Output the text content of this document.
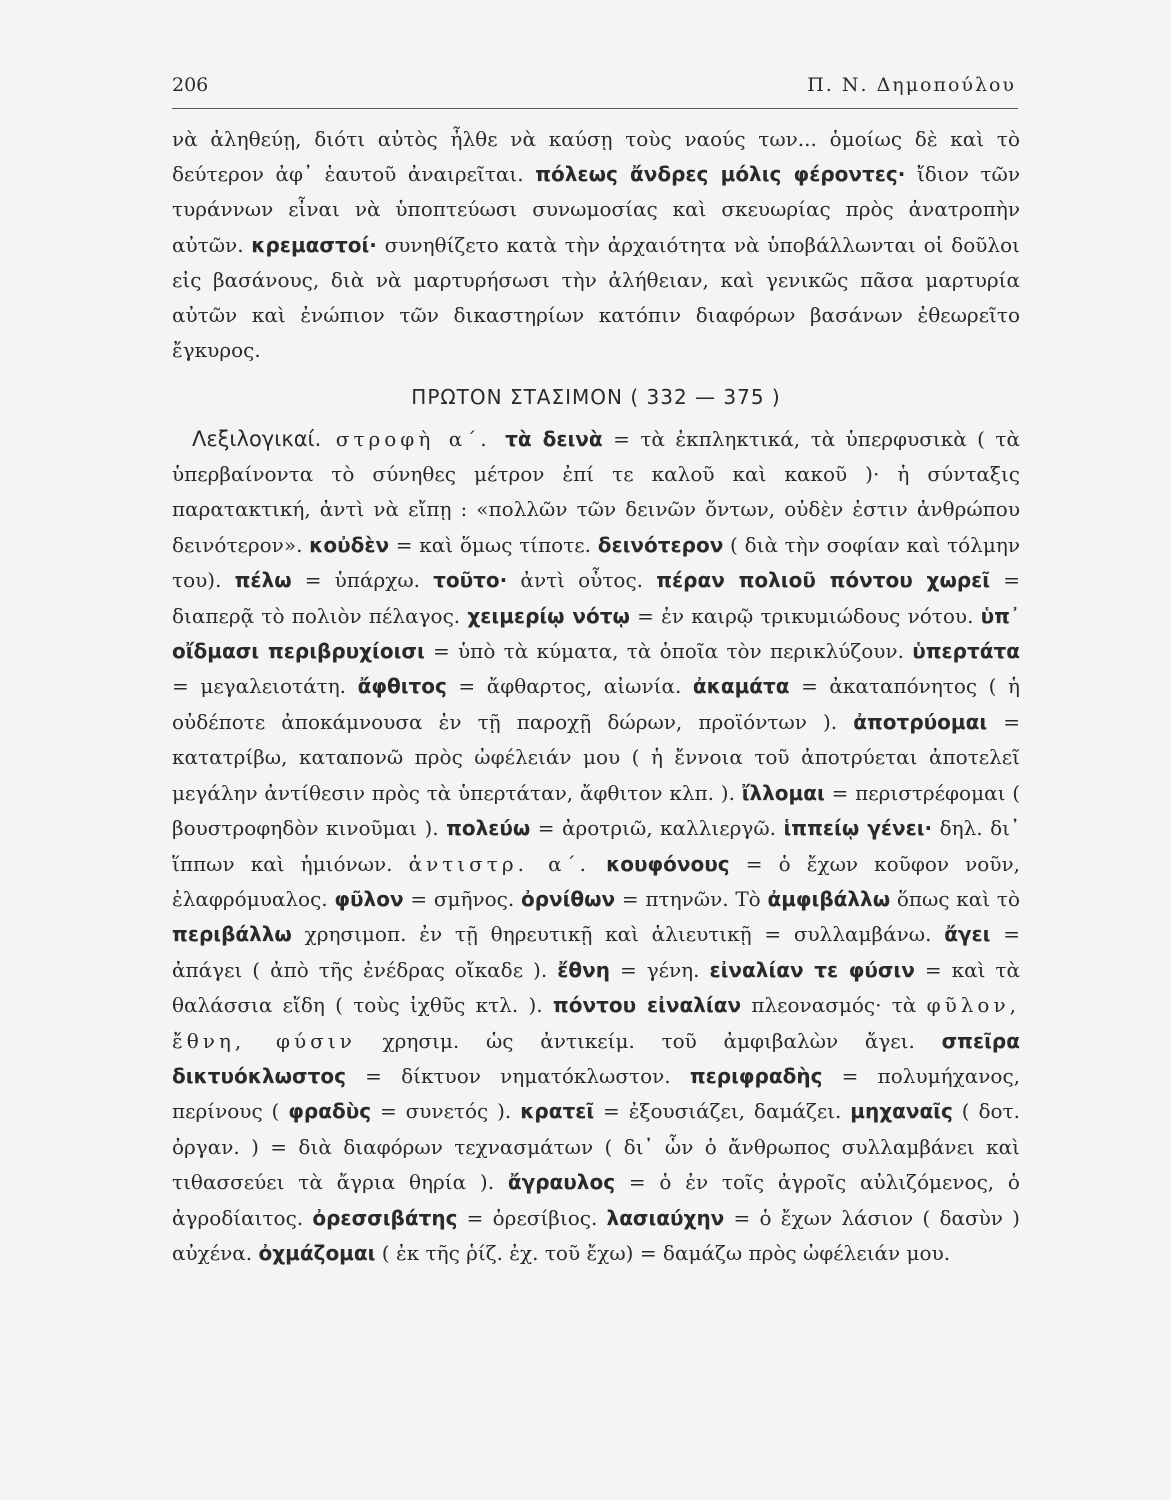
206	Π. Ν. Δημοπούλου

νὰ ἀληθεύῃ, διότι αὐτὸς ἦλθε νὰ καύσῃ τοὺς ναούς των... ὁμοίως δὲ καὶ τὸ δεύτερον ἀφ᾿ ἑαυτοῦ ἀναιρεῖται. πόλεως ἄνδρες μόλις φέροντες· ἴδιον τῶν τυράννων εἶναι νὰ ὑποπτεύωσι συνωμοσίας καὶ σκευωρίας πρὸς ἀνατροπὴν αὐτῶν. κρεμαστοί· συνηθίζετο κατὰ τὴν ἀρχαιότητα νὰ ὑποβάλλωνται οἱ δοῦλοι εἰς βασάνους, διὰ νὰ μαρτυρήσωσι τὴν ἀλήθειαν, καὶ γενικῶς πᾶσα μαρτυρία αὐτῶν καὶ ἐνώπιον τῶν δικαστηρίων κατόπιν διαφόρων βασάνων ἐθεωρεῖτο ἔγκυρος.

ΠΡΩΤΟΝ ΣΤΑΣΙΜΟΝ ( 332 — 375 )

Λεξιλογικαί. στροφὴ α΄. τὰ δεινὰ = τὰ ἐκπληκτικά, τὰ ὑπερφυσικὰ ( τὰ ὑπερβαίνοντα τὸ σύνηθες μέτρον ἐπί τε καλοῦ καὶ κακοῦ )· ἡ σύνταξις παρατακτική, ἀντὶ νὰ εἴπῃ : «πολλῶν τῶν δεινῶν ὄντων, οὐδὲν ἐστιν ἀνθρώπου δεινότερον». κοὐδὲν = καὶ ὅμως τίποτε. δεινότερον ( διὰ τὴν σοφίαν καὶ τόλμην του). πέλω = ὑπάρχω. τοῦτο· ἀντὶ οὗτος. πέραν πολιοῦ πόντου χωρεῖ = διαπερᾷ τὸ πολιὸν πέλαγος. χειμερίῳ νότῳ = ἐν καιρῷ τρικυμιώδους νότου. ὑπ᾿ οἴδμασι περιβρυχίοισι = ὑπὸ τὰ κύματα, τὰ ὁποῖα τὸν περικλύζουν. ὑπερτάτα = μεγαλειοτάτη. ἄφθιτος = ἄφθαρτος, αἰωνία. ἀκαμάτα = ἀκαταπόνητος ( ἡ οὐδέποτε ἀποκάμνουσα ἐν τῇ παροχῇ δώρων, προϊόντων ). ἀποτρύομαι = κατατρίβω, καταπονῶ πρὸς ὠφέλειάν μου ( ἡ ἔννοια τοῦ ἀποτρύεται ἀποτελεῖ μεγάλην ἀντίθεσιν πρὸς τὰ ὑπερτάταν, ἄφθιτον κλπ. ). ἴλλομαι = περιστρέφομαι ( βουστροφηδὸν κινοῦμαι ). πολεύω = ἀροτριῶ, καλλιεργῶ. ἱππείῳ γένει· δηλ. δι᾿ ἵππων καὶ ἡμιόνων. ἀντιστρ. α΄. κουφόνους = ὁ ἔχων κοῦφον νοῦν, ἐλαφρόμυαλος. φῦλον = σμῆνος. ὀρνίθων = πτηνῶν. Τὸ ἀμφιβάλλω ὅπως καὶ τὸ περιβάλλω χρησιμοπ. ἐν τῇ θηρευτικῇ καὶ ἁλιευτικῇ = συλλαμβάνω. ἄγει = ἀπάγει ( ἀπὸ τῆς ἐνέδρας οἴκαδε ). ἔθνη = γένη. εἰναλίαν τε φύσιν = καὶ τὰ θαλάσσια εἴδη ( τοὺς ἰχθῦς κτλ. ). πόντου εἰναλίαν πλεονασμός· τὰ φῦλον, ἔθνη, φύσιν χρησιμ. ὡς ἀντικείμ. τοῦ ἀμφιβαλὼν ἄγει. σπεῖρα δικτυόκλωστος = δίκτυον νηματόκλωστον. περιφραδὴς = πολυμήχανος, περίνους ( φραδὺς = συνετός ). κρατεῖ = ἐξουσιάζει, δαμάζει. μηχαναῖς ( δοτ. ὀργαν. ) = διὰ διαφόρων τεχνασμάτων ( δι᾿ ὧν ὁ ἄνθρωπος συλλαμβάνει καὶ τιθασσεύει τὰ ἄγρια θηρία ). ἄγραυλος = ὁ ἐν τοῖς ἀγροῖς αὐλιζόμενος, ὁ ἀγροδίαιτος. ὀρεσσιβάτης = ὀρεσίβιος. λασιαύχην = ὁ ἔχων λάσιον ( δασὺν ) αὐχένα. ὀχμάζομαι ( ἐκ τῆς ῥίζ. ἐχ. τοῦ ἔχω) = δαμάζω πρὸς ὠφέλειάν μου.
